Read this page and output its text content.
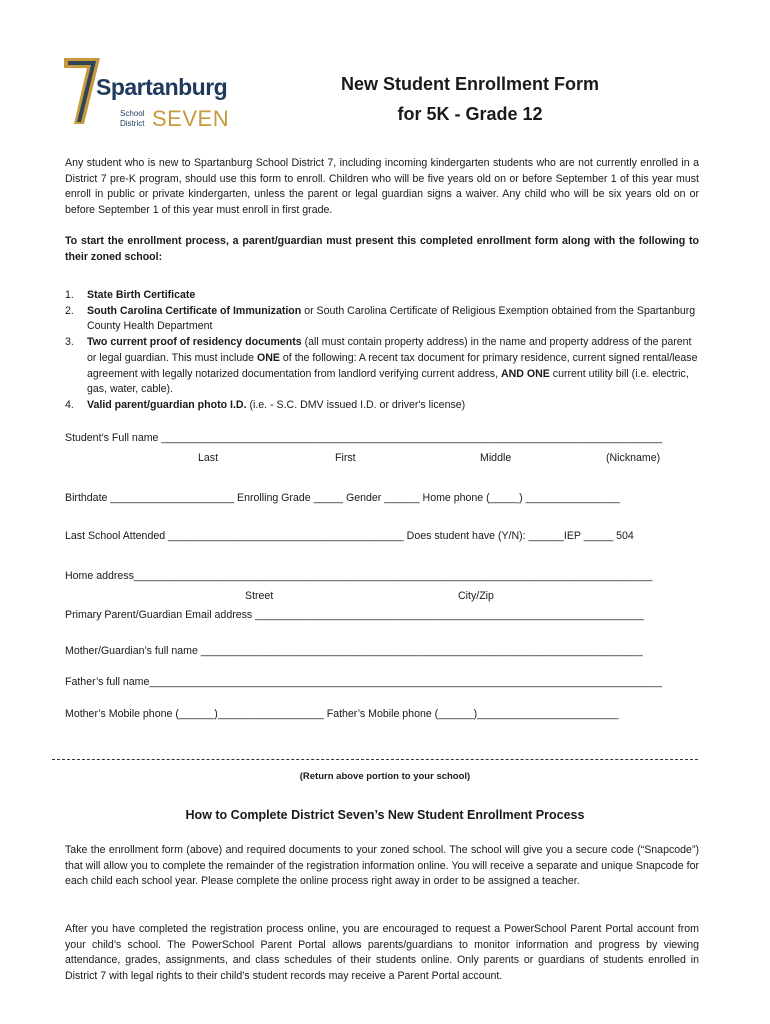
Spartanburg
School
District SEVEN
New Student Enrollment Form
for 5K - Grade 12
Any student who is new to Spartanburg School District 7, including incoming kindergarten students who are not currently enrolled in a District 7 pre-K program, should use this form to enroll. Children who will be five years old on or before September 1 of this year must enroll in public or private kindergarten, unless the parent or legal guardian signs a waiver. Any child who will be six years old on or before September 1 of this year must enroll in first grade.
To start the enrollment process, a parent/guardian must present this completed enrollment form along with the following to their zoned school:
1. State Birth Certificate
2. South Carolina Certificate of Immunization or South Carolina Certificate of Religious Exemption obtained from the Spartanburg County Health Department
3. Two current proof of residency documents (all must contain property address) in the name and property address of the parent or legal guardian. This must include ONE of the following: A recent tax document for primary residence, current signed rental/lease agreement with legally notarized documentation from landlord verifying current address, AND ONE current utility bill (i.e. electric, gas, water, cable).
4. Valid parent/guardian photo I.D. (i.e. - S.C. DMV issued I.D. or driver's license)
Student’s Full name _____________________________________________________________________________________
Last	First	Middle	(Nickname)
Birthdate _____________________ Enrolling Grade _____ Gender ______ Home phone (_____) ________________
Last School Attended ________________________________________ Does student have (Y/N): ______IEP _____ 504
Home address________________________________________________________________________________________
Street	City/Zip
Primary Parent/Guardian Email address __________________________________________________________________
Mother/Guardian’s full name ___________________________________________________________________________
Father’s full name_______________________________________________________________________________________
Mother’s Mobile phone (______)__________________ Father’s Mobile phone (______)________________________
(Return above portion to your school)
How to Complete District Seven’s New Student Enrollment Process
Take the enrollment form (above) and required documents to your zoned school. The school will give you a secure code (“Snapcode”) that will allow you to complete the remainder of the registration information online. You will receive a separate and unique Snapcode for each child each school year. Please complete the online process right away in order to be assigned a teacher.
After you have completed the registration process online, you are encouraged to request a PowerSchool Parent Portal account from your child’s school. The PowerSchool Parent Portal allows parents/guardians to monitor information and progress by viewing attendance, grades, assignments, and class schedules of their students online. Only parents or guardians of students enrolled in District 7 with legal rights to their child’s student records may receive a Parent Portal account.
